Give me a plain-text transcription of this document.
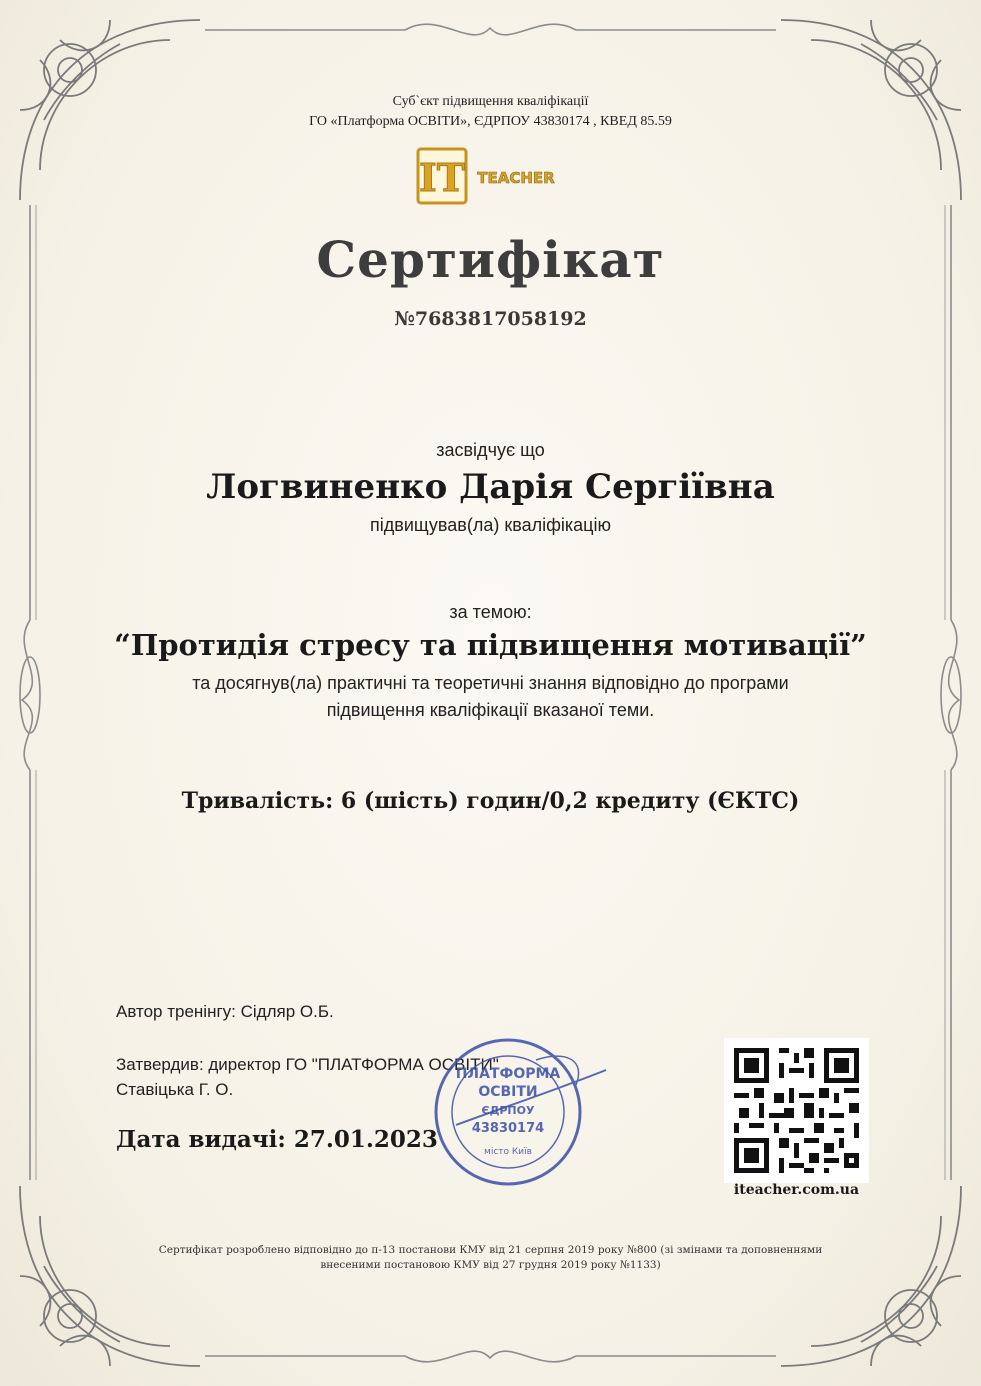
Суб`єкт підвищення кваліфікації
ГО «Платформа ОСВІТИ», ЄДРПОУ 43830174 , КВЕД 85.59
IT TEACHER
Сертифікат
№7683817058192
засвідчує що
Логвиненко Дарія Сергіївна
підвищував(ла) кваліфікацію
за темою:
“Протидія стресу та підвищення мотивації”
та досягнув(ла) практичні та теоретичні знання відповідно до програми
підвищення кваліфікації вказаної теми.
Тривалість: 6 (шість) годин/0,2 кредиту (ЄКТС)
Автор тренінгу: Сідляр О.Б.
Затвердив: директор ГО "ПЛАТФОРМА ОСВІТИ"
Ставіцька Г. О.
ПЛАТФОРМА
ОСВІТИ
ЄДРПОУ
43830174
місто Київ
Дата видачі: 27.01.2023
iteacher.com.ua
Сертифікат розроблено відповідно до п-13 постанови КМУ від 21 серпня 2019 року №800 (зі змінами та доповненнями
внесеними постановою КМУ від 27 грудня 2019 року №1133)
